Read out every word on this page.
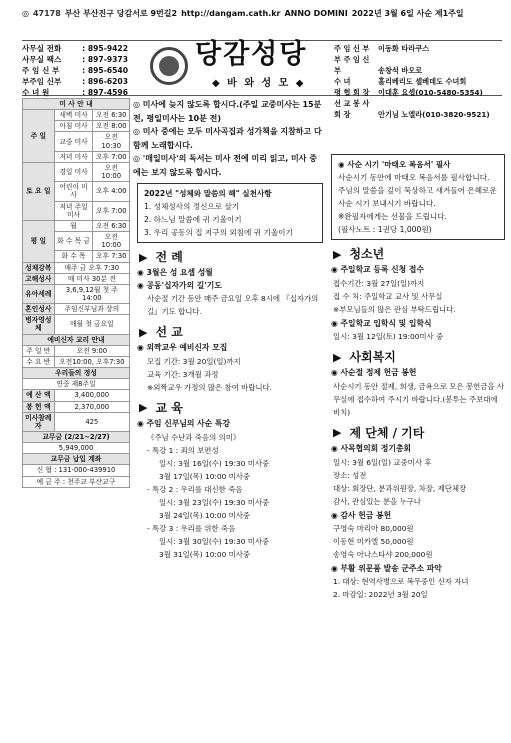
◎ 47178 부산 부산진구 당감서로 9번길2 http://dangam.cath.kr ANNO DOMINI 2022년 3월 6일 사순 제1주일
사무실 전화	: 895-9422
사무실 팩스	: 897-9373
주 임 신 부	: 895-6540
부주임 신부	: 896-6203
수 녀 원	: 897-4596
당감성당
◆ 바 와 성 모 ◆
주 임 신 부 이동화 타라쿠스
부 주 임 신 부	송창석 바오로
수 녀	홀리베리도 셀베데도 수녀회
평 협 회 장 이대훈 요셉(010-5480-5354)
선 교 봉 사 회 장	안기님 노엘라(010-3820-9521)
미 사 안 내		
주 일	새벽 미사	오전 6:30
	아침 미사	오전 8:00
	교중 미사	오전 10:30
	저녁 미사	오후 7:00
토 요 일	경일 미사	오전 10:00
	어린이 미사	오후 4:00
	저녁 주일미사	오후 7:00
평 일	월	오전 6:30
	화 수 목 금	오전 10:00
	화 수 목	오후 7:30
성체강복	매주 금 오후 7:30	
고해성사	매 미사 30분 전	
유아세례	3,6,9,12월 첫 주 14:00	
혼인성사	주임신부님과 상의	
병자영성체	매월 첫 금요일	
예비신자 교리 안내		
주 일 반	오전 9:00	
수 요 반	오전10:00, 오후7:30	
우리들의 정성		
연중 제8주일		
예 산 액	3,400,000	
봉 헌 액	2,370,000	
미사참례자	425	
교무금 (2/21~2/27)		
5,949,000		
교무금 납입 계좌		
신 협 : 131-000-439910		
예 금 주 : 천주교 부산교구		
◎ 미사에 늦지 않도록 합시다.(주일 교중미사는 15분 전, 평일미사는 10분 전)
◎ 미사 중에는 모두 미사곡집과 성가책을 지참하고 다 함께 노래합시다.
◎ '매일미사'의 독서는 미사 전에 미리 읽고, 미사 중에는 보지 않도록 합시다.
2022년 "성체와 말씀의 해" 실천사항
1. 성체성사의 정신으로 살기
2. 하느님 말씀에 귀 기울이기
3. 우리 공동의 집 지구의 외침에 귀 기울이기
▶ 전 례
◉ 3월은 성 요셉 성월
◉ 공동'십자가의 길'기도
사순절 기간 동안 매주 금요일 오후 8시에 『십자가의 길』기도 합니다.
▶ 선 교
◉ 외짝교우 예비신자 모집
모집 기간: 3월 20일(일)까지
교육 기간: 3개월 과정
※외짝교우 가정의 많은 참여 바랍니다.
▶ 교 육
◉ 주임 신부님의 사순 특강
《주님 수난과 죽음의 의미》
- 특강 1 : 죄의 보편성
일시: 3월 16일(수) 19:30 미사중
3월 17일(목) 10:00 미사중
- 특강 2 : 우리를 대신한 죽음
일시: 3월 23일(수) 19:30 미사중
3월 24일(목) 10:00 미사중
- 특강 3 : 우리를 위한 죽음
일시: 3월 30일(수) 19:30 미사중
3월 31일(목) 10:00 미사중
◉ 사순 시기 '마태오 복음서' 필사
사순시기 동안에 마태오 복음서를 필사합니다. 주님의 말씀을 깊이 묵상하고 새겨들어 은혜로운 사순 시기 보내시기 바랍니다.
※완필자에게는 선물을 드립니다.
(필사노트 : 1권당 1,000원)
▶ 청소년
◉ 주일학교 등록 신청 접수
접수기간: 3월 27일(일)까지
접 수 처: 주일학교 교사 및 사무실
※부모님들의 많은 관심 부탁드립니다.
◉ 주일학교 입학식 및 입학식
일시: 3월 12일(토) 19:00미사 중
▶ 사회복지
◉ 사순절 정제 헌금 봉헌
사순시기 동안 절제, 희생, 금욕으로 모은 봉헌금을 사무실에 접수하여 주시기 바랍니다.(봉투는 주보대에 비치)
▶ 제 단체 / 기타
◉ 사목협의회 정기총회
일시: 3월 6일(일) 교중미사 후
장소: 성전
대상: 회장단, 분과위원장, 차장, 제단체장
감사, 관심있는 분을 누구나
◉ 감사 헌금 봉헌
구영숙 마리아 80,000원
이동현 미카엘 50,000원
송영숙 아나스타샤 200,000원
◉ 부활 위문품 발송 군주소 파악
1. 대상: 현역사병으로 복무중인 신자 자녀
2. 마감일: 2022년 3월 20일
